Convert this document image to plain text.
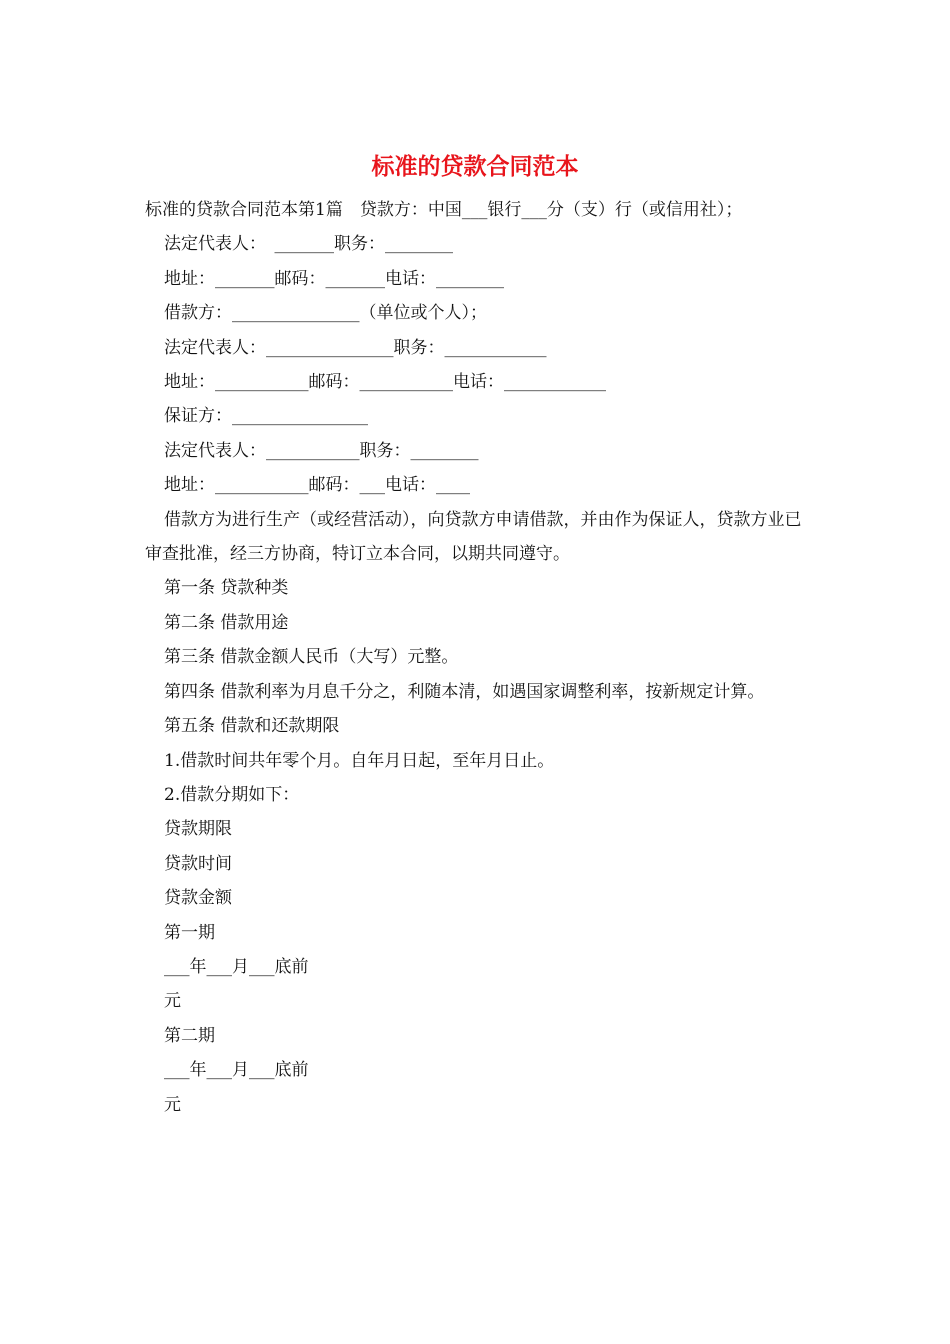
标准的贷款合同范本

标准的贷款合同范本第1篇　贷款方：中国___银行___分（支）行（或信用社）；

法定代表人：　_______职务：________

地址：_______邮码：_______电话：________

借款方：_______________（单位或个人）；

法定代表人：_______________职务：____________

地址：___________邮码：___________电话：____________

保证方：________________

法定代表人：___________职务：________

地址：___________邮码：___电话：____

借款方为进行生产（或经营活动），向贷款方申请借款，并由作为保证人，贷款方业已审查批准，经三方协商，特订立本合同，以期共同遵守。

第一条 贷款种类

第二条 借款用途

第三条 借款金额人民币（大写）元整。

第四条 借款利率为月息千分之，利随本清，如遇国家调整利率，按新规定计算。

第五条 借款和还款期限

1.借款时间共年零个月。自年月日起，至年月日止。

2.借款分期如下：

贷款期限

贷款时间

贷款金额

第一期

___年___月___底前

元

第二期

___年___月___底前

元
